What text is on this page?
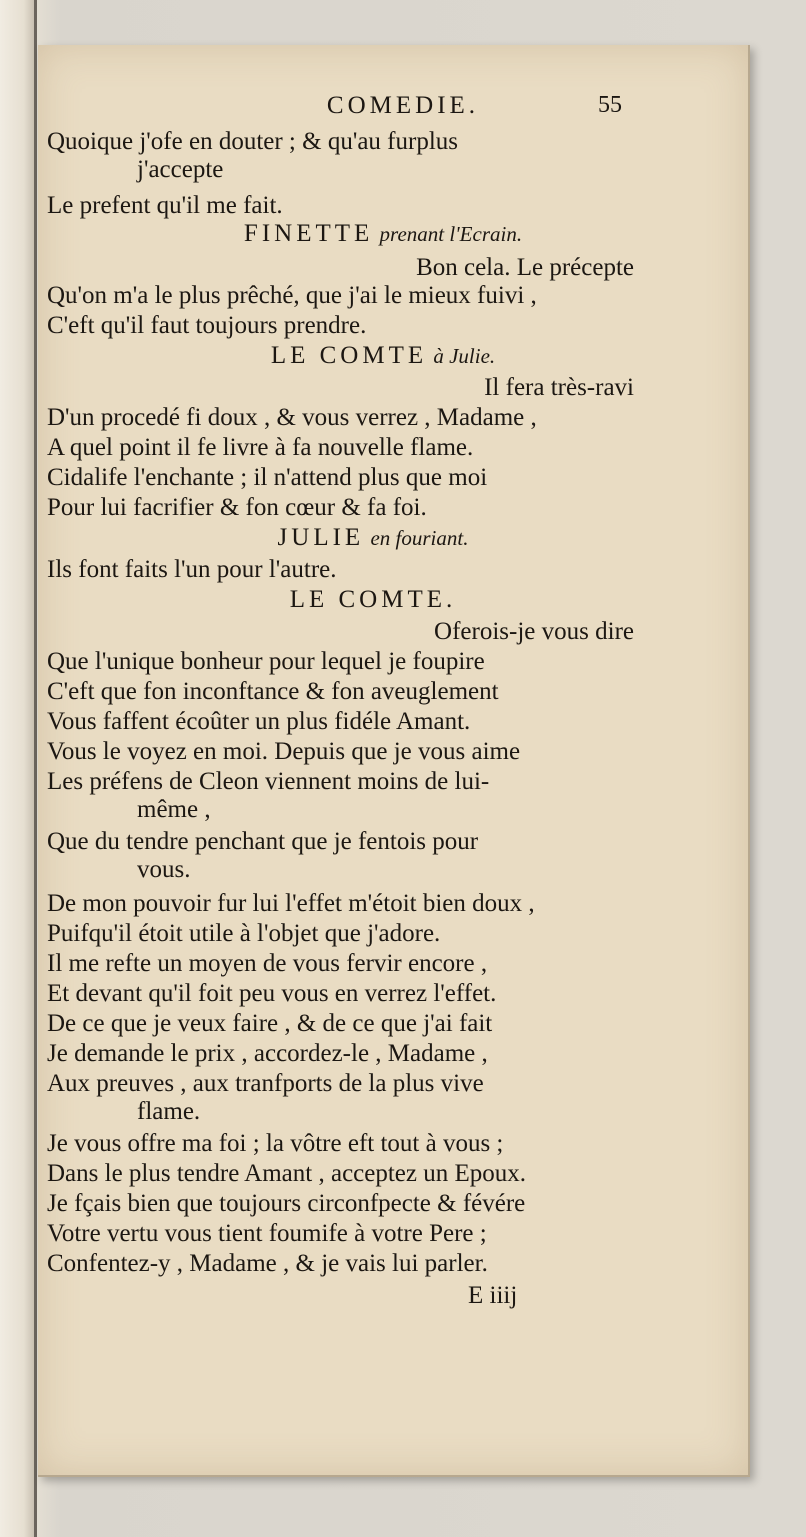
COMEDIE.	55
Quoique j'ofe en douter ; & qu'au furplus
j'accepte
Le prefent qu'il me fait.
FINETTE prenant l'Ecrain.
Bon cela. Le précepte
Qu'on m'a le plus prêché, que j'ai le mieux fuivi ,
C'eft qu'il faut toujours prendre.
LE COMTE à Julie.
Il fera très-ravi
D'un procedé fi doux , & vous verrez , Madame ,
A quel point il fe livre à fa nouvelle flame.
Cidalife l'enchante ; il n'attend plus que moi
Pour lui facrifier & fon cœur & fa foi.
JULIE en fouriant.
Ils font faits l'un pour l'autre.
LE COMTE.
Oferois-je vous dire
Que l'unique bonheur pour lequel je foupire
C'eft que fon inconftance & fon aveuglement
Vous faffent écoûter un plus fidéle Amant.
Vous le voyez en moi. Depuis que je vous aime
Les préfens de Cleon viennent moins de lui-
même ,
Que du tendre penchant que je fentois pour
vous.
De mon pouvoir fur lui l'effet m'étoit bien doux ,
Puifqu'il étoit utile à l'objet que j'adore.
Il me refte un moyen de vous fervir encore ,
Et devant qu'il foit peu vous en verrez l'effet.
De ce que je veux faire , & de ce que j'ai fait
Je demande le prix , accordez-le , Madame ,
Aux preuves , aux tranfports de la plus vive
flame.
Je vous offre ma foi ; la vôtre eft tout à vous ;
Dans le plus tendre Amant , acceptez un Epoux.
Je fçais bien que toujours circonfpecte & févére
Votre vertu vous tient foumife à votre Pere ;
Confentez-y , Madame , & je vais lui parler.
E iiij
